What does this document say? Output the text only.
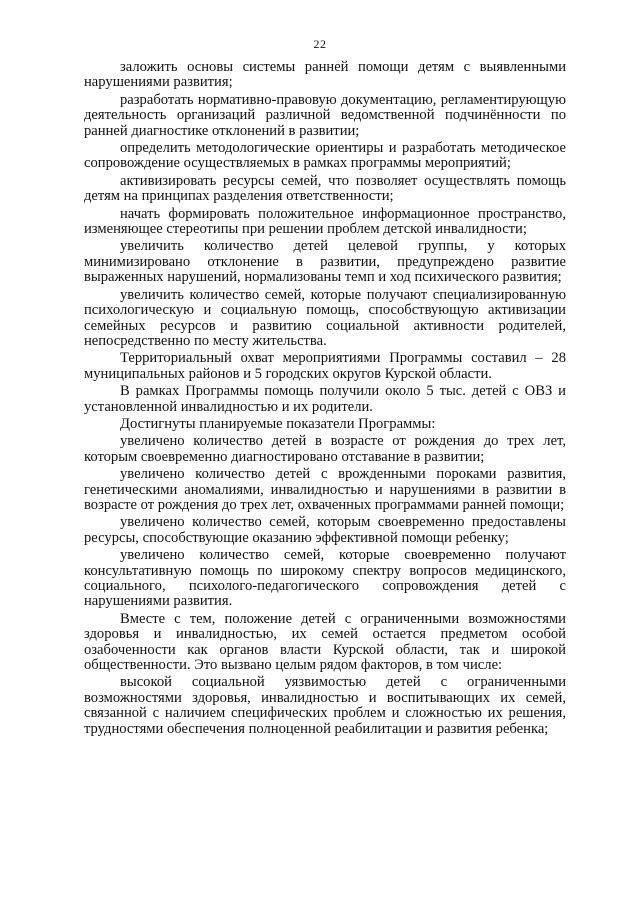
22

заложить основы системы ранней помощи детям с выявленными нарушениями развития;

разработать нормативно-правовую документацию, регламентирующую деятельность организаций различной ведомственной подчинённости по ранней диагностике отклонений в развитии;

определить методологические ориентиры и разработать методическое сопровождение осуществляемых в рамках программы мероприятий;

активизировать ресурсы семей, что позволяет осуществлять помощь детям на принципах разделения ответственности;

начать формировать положительное информационное пространство, изменяющее стереотипы при решении проблем детской инвалидности;

увеличить количество детей целевой группы, у которых минимизировано отклонение в развитии, предупреждено развитие выраженных нарушений, нормализованы темп и ход психического развития;

увеличить количество семей, которые получают специализированную психологическую и социальную помощь, способствующую активизации семейных ресурсов и развитию социальной активности родителей, непосредственно по месту жительства.

Территориальный охват мероприятиями Программы составил – 28 муниципальных районов и 5 городских округов Курской области.

В рамках Программы помощь получили около 5 тыс. детей с ОВЗ и установленной инвалидностью и их родители.

Достигнуты планируемые показатели Программы:

увеличено количество детей в возрасте от рождения до трех лет, которым своевременно диагностировано отставание в развитии;

увеличено количество детей с врожденными пороками развития, генетическими аномалиями, инвалидностью и нарушениями в развитии в возрасте от рождения до трех лет, охваченных программами ранней помощи;

увеличено количество семей, которым своевременно предоставлены ресурсы, способствующие оказанию эффективной помощи ребенку;

увеличено количество семей, которые своевременно получают консультативную помощь по широкому спектру вопросов медицинского, социального, психолого-педагогического сопровождения детей с нарушениями развития.

Вместе с тем, положение детей с ограниченными возможностями здоровья и инвалидностью, их семей остается предметом особой озабоченности как органов власти Курской области, так и широкой общественности. Это вызвано целым рядом факторов, в том числе:

высокой социальной уязвимостью детей с ограниченными возможностями здоровья, инвалидностью и воспитывающих их семей, связанной с наличием специфических проблем и сложностью их решения, трудностями обеспечения полноценной реабилитации и развития ребенка;
